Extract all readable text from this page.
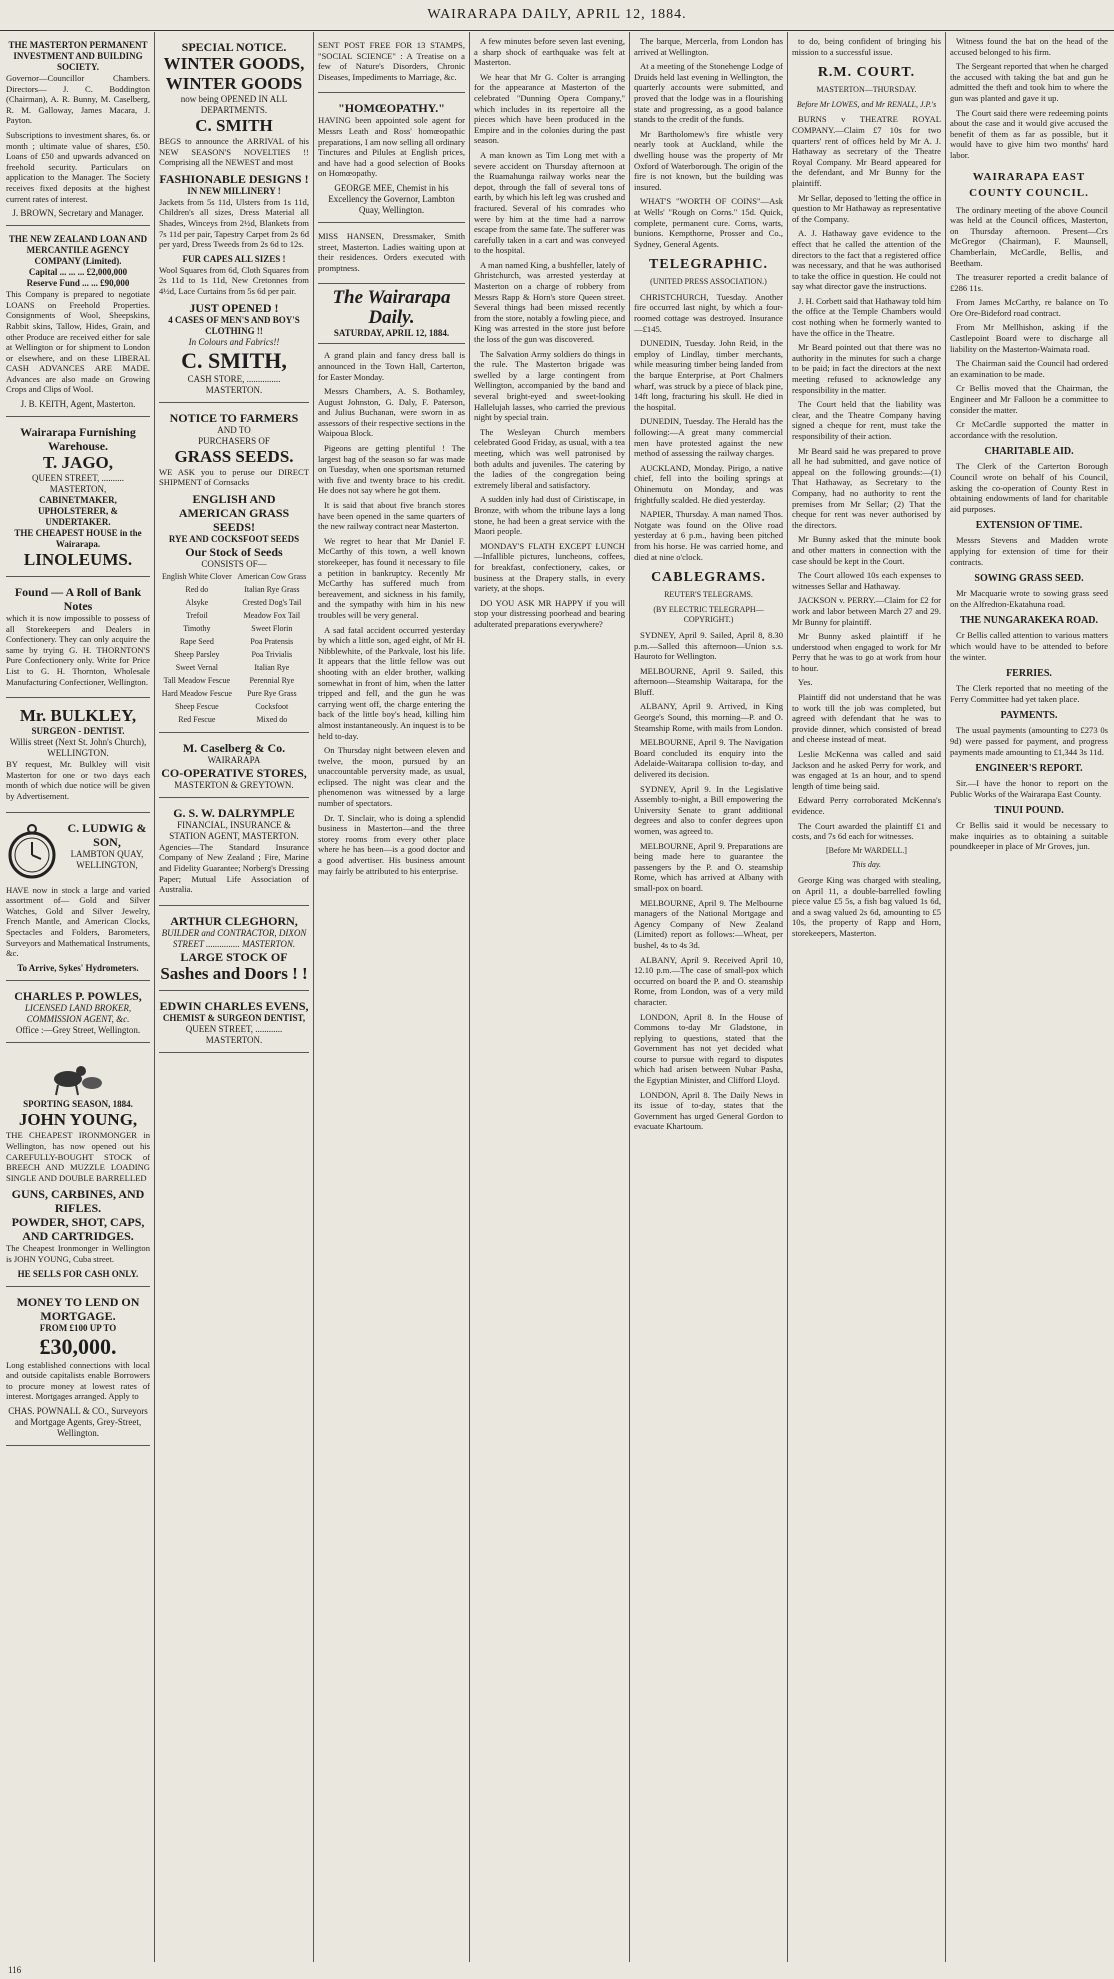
WAIRARAPA DAILY, APRIL 12, 1884.
THE MASTERTON PERMANENT INVESTMENT AND BUILDING SOCIETY.

Governor—Councillor Chambers. Directors— J. C. Boddington (Chairman), A. R. Bunny, M. Caselberg, R. M. Galloway, James Macara, J. Payton.

Subscriptions to investment shares, 6s. or month ; ultimate value of shares, £50. Loans of £50 and upwards advanced on freehold security. Particulars on application to the Manager. The Society receives fixed deposits at the highest current rates of interest.

J. BROWN, Secretary and Manager.
THE NEW ZEALAND LOAN AND MERCANTILE AGENCY COMPANY (Limited).
Capital ... ... ... £2,000,000
Reserve Fund ... ... £90,000

This Company is prepared to negotiate LOANS on Freehold Properties. Consignments of Wool, Sheepskins, Rabbit skins, Tallow, Hides, Grain, and other Produce are received either for sale at Wellington or for shipment to London or elsewhere, and on these LIBERAL CASH ADVANCES ARE MADE. Advances are also made on Growing Crops and Clips of Wool.

J. B. KEITH, Agent, Masterton.
Wairarapa Furnishing Warehouse.
T. JAGO,
QUEEN STREET, .......... MASTERTON,
CABINETMAKER, UPHOLSTERER, & UNDERTAKER.
THE CHEAPEST HOUSE in the Wairarapa.
LINOLEUMS.
Found — A Roll of Bank Notes

which it is now impossible to possess of all Storekeepers and Dealers in Confectionery. They can only acquire the same by trying G. H. THORNTON'S Pure Confectionery only. Write for Price List to G. H. Thornton, Wholesale Manufacturing Confectioner, Wellington.

Mr. BULKLEY,
SURGEON - DENTIST.
Willis street (Next St. John's Church), WELLINGTON.

BY request, Mr. Bulkley will visit Masterton for one or two days each month of which due notice will be given by Advertisement.

C. LUDWIG & SON,
LAMBTON QUAY, WELLINGTON,

HAVE now in stock a large and varied assortment of— Gold and Silver Watches, Gold and Silver Jewelry, French Mantle, and American Clocks, Spectacles and Folders, Barometers, Surveyors and Mathematical Instruments, &c.

To Arrive, Sykes' Hydrometers.
CHARLES P. POWLES,
LICENSED LAND BROKER, COMMISSION AGENT, &c.
Office :—Grey Street, Wellington.
SPORTING SEASON, 1884.
JOHN YOUNG,

THE CHEAPEST IRONMONGER in Wellington, has now opened out his CAREFULLY-BOUGHT STOCK of BREECH AND MUZZLE LOADING SINGLE AND DOUBLE BARRELLED

GUNS, CARBINES, AND RIFLES.
POWDER, SHOT, CAPS, AND CARTRIDGES.

The Cheapest Ironmonger in Wellington is JOHN YOUNG, Cuba street.

HE SELLS FOR CASH ONLY.
MONEY TO LEND ON MORTGAGE.
FROM £100 UP TO
£30,000.

Long established connections with local and outside capitalists enable Borrowers to procure money at lowest rates of interest. Mortgages arranged. Apply to

CHAS. POWNALL & CO., Surveyors and Mortgage Agents, Grey-Street, Wellington.
SPECIAL NOTICE.
WINTER GOODS, WINTER GOODS
now being OPENED IN ALL DEPARTMENTS.
C. SMITH

BEGS to announce the ARRIVAL of his NEW SEASON'S NOVELTIES !! Comprising all the NEWEST and most

FASHIONABLE DESIGNS !
IN NEW MILLINERY !

Jackets from 5s 11d, Ulsters from 1s 11d, Children's all sizes, Dress Material all Shades, Winceys from 2½d, Blankets from 7s 11d per pair, Tapestry Carpet from 2s 6d per yard, Dress Tweeds from 2s 6d to 12s.

FUR CAPES ALL SIZES !

Wool Squares from 6d, Cloth Squares from 2s 11d to 1s 11d, New Cretonnes from 4½d, Lace Curtains from 5s 6d per pair.

JUST OPENED !
4 CASES OF MEN'S AND BOY'S CLOTHING !!
In Colours and Fabrics!!
C. SMITH,
CASH STORE, ............... MASTERTON.
NOTICE TO FARMERS
AND TO
PURCHASERS OF
GRASS SEEDS.

WE ASK you to peruse our DIRECT SHIPMENT of Cornsacks

ENGLISH AND AMERICAN GRASS SEEDS!
RYE AND COCKSFOOT SEEDS
Our Stock of Seeds
CONSISTS OF—
English White Clover	American Cow Grass
Red do	Italian Rye Grass
Alsyke	Crested Dog's Tail
Trefoil	Meadow Fox Tail
Timothy	Sweet Florin
Rape Seed	Poa Pratensis
Sheep Parsley	Poa Trivialis
Sweet Vernal	Italian Rye
Tall Meadow Fescue	Perennial Rye
Hard Meadow Fescue	Pure Rye Grass
Sheep Fescue	Cocksfoot
Red Fescue	Mixed do
M. Caselberg & Co.
WAIRARAPA
CO-OPERATIVE STORES,
MASTERTON & GREYTOWN.
G. S. W. DALRYMPLE
FINANCIAL, INSURANCE & STATION AGENT, MASTERTON.

Agencies—The Standard Insurance Company of New Zealand ; Fire, Marine and Fidelity Guarantee; Norberg's Dressing Paper; Mutual Life Association of Australia.

ARTHUR CLEGHORN,
BUILDER and CONTRACTOR, DIXON STREET ............... MASTERTON.
LARGE STOCK OF
Sashes and Doors ! !
EDWIN CHARLES EVENS,
CHEMIST & SURGEON DENTIST,
QUEEN STREET, ............ MASTERTON.

SENT POST FREE FOR 13 STAMPS, "SOCIAL SCIENCE" : A Treatise on a few of Nature's Disorders, Chronic Diseases, Impediments to Marriage, &c.

"HOMŒOPATHY."

HAVING been appointed sole agent for Messrs Leath and Ross' homœopathic preparations, I am now selling all ordinary Tinctures and Pilules at English prices, and have had a good selection of Books on Homœopathy.

GEORGE MEE, Chemist in his Excellency the Governor, Lambton Quay, Wellington.

MISS HANSEN, Dressmaker, Smith street, Masterton. Ladies waiting upon at their residences. Orders executed with promptness.

The Wairarapa Daily.
SATURDAY, APRIL 12, 1884.

A grand plain and fancy dress ball is announced in the Town Hall, Carterton, for Easter Monday.

Messrs Chambers, A. S. Bothamley, August Johnston, G. Daly, F. Paterson, and Julius Buchanan, were sworn in as assessors of their respective sections in the Waipoua Block.

Pigeons are getting plentiful ! The largest bag of the season so far was made on Tuesday, when one sportsman returned with five and twenty brace to his credit. He does not say where he got them.

It is said that about five branch stores have been opened in the same quarters of the new railway contract near Masterton.

We regret to hear that Mr Daniel F. McCarthy of this town, a well known storekeeper, has found it necessary to file a petition in bankruptcy. Recently Mr McCarthy has suffered much from bereavement, and sickness in his family, and the sympathy with him in his new troubles will be very general.

A sad fatal accident occurred yesterday by which a little son, aged eight, of Mr H. Nibblewhite, of the Parkvale, lost his life. It appears that the little fellow was out shooting with an elder brother, walking somewhat in front of him, when the latter tripped and fell, and the gun he was carrying went off, the charge entering the back of the little boy's head, killing him almost instantaneously. An inquest is to be held to-day.

On Thursday night between eleven and twelve, the moon, pursued by an unaccountable perversity made, as usual, eclipsed. The night was clear and the phenomenon was witnessed by a large number of spectators.

Dr. T. Sinclair, who is doing a splendid business in Masterton—and the three storey rooms from every other place where he has been—is a good doctor and a good advertiser. His business amount may fairly be attributed to his enterprise.

A few minutes before seven last evening, a sharp shock of earthquake was felt at Masterton.

We hear that Mr G. Colter is arranging for the appearance at Masterton of the celebrated "Dunning Opera Company," which includes in its repertoire all the pieces which have been produced in the Empire and in the colonies during the past season.

A man known as Tim Long met with a severe accident on Thursday afternoon at the Ruamahunga railway works near the depot, through the fall of several tons of earth, by which his left leg was crushed and fractured. Several of his comrades who were by him at the time had a narrow escape from the same fate. The sufferer was carefully taken in a cart and was conveyed to the hospital.

A man named King, a bushfeller, lately of Ghristchurch, was arrested yesterday at Masterton on a charge of robbery from Messrs Rapp & Horn's store Queen street. Several things had been missed recently from the store, notably a fowling piece, and King was arrested in the store just before the loss of the gun was discovered.

The Salvation Army soldiers do things in the rule. The Masterton brigade was swelled by a large contingent from Wellington, accompanied by the band and several bright-eyed and sweet-looking Hallelujah lasses, who carried the previous night by special train.

The Wesleyan Church members celebrated Good Friday, as usual, with a tea meeting, which was well patronised by both adults and juveniles. The catering by the ladies of the congregation being extremely liberal and satisfactory.

A sudden inly had dust of Ciristiscape, in Bronze, with whom the tribune lays a long stone, he had been a great service with the Maori people.

MONDAY'S FLATH EXCEPT LUNCH—Infallible pictures, luncheons, coffees, for breakfast, confectionery, cakes, or business at the Drapery stalls, in every variety, at the shops.

DO YOU ASK MR HAPPY if you will stop your distressing poorhead and bearing adulterated preparations everywhere?

The barque, Mercerla, from London has arrived at Wellington.

At a meeting of the Stonehenge Lodge of Druids held last evening in Wellington, the quarterly accounts were submitted, and proved that the lodge was in a flourishing state and progressing, as a good balance stands to the credit of the funds.

Mr Bartholomew's fire whistle very nearly took at Auckland, while the dwelling house was the property of Mr Oxford of Waterborough. The origin of the fire is not known, but the building was insured.

WHAT'S "WORTH OF COINS"—Ask at Wells' "Rough on Corns." 15d. Quick, complete, permanent cure. Corns, warts, bunions. Kempthorne, Prosser and Co., Sydney, General Agents.

TELEGRAPHIC.
(UNITED PRESS ASSOCIATION.)

CHRISTCHURCH, Tuesday. Another fire occurred last night, by which a four-roomed cottage was destroyed. Insurance—£145.

DUNEDIN, Tuesday. John Reid, in the employ of Lindlay, timber merchants, while measuring timber being landed from the barque Enterprise, at Port Chalmers wharf, was struck by a piece of black pine, 14ft long, fracturing his skull. He died in the hospital.

DUNEDIN, Tuesday. The Herald has the following:—A great many commercial men have protested against the new method of assessing the railway charges.

AUCKLAND, Monday. Pirigo, a native chief, fell into the boiling springs at Ohinemutu on Monday, and was frightfully scalded. He died yesterday.

NAPIER, Thursday. A man named Thos. Notgate was found on the Olive road yesterday at 6 p.m., having been pitched from his horse. He was carried home, and died at nine o'clock.

CABLEGRAMS.
REUTER'S TELEGRAMS.
(BY ELECTRIC TELEGRAPH—COPYRIGHT.)

SYDNEY, April 9. Sailed, April 8, 8.30 p.m.—Salled this afternoon—Union s.s. Hauroto for Wellington.

MELBOURNE, April 9. Sailed, this afternoon—Steamship Waitarapa, for the Bluff.

ALBANY, April 9. Arrived, in King George's Sound, this morning—P. and O. Steamship Rome, with mails from London.

MELBOURNE, April 9. The Navigation Board concluded its enquiry into the Adelaide-Waitarapa collision to-day, and delivered its decision.

SYDNEY, April 9. In the Legislative Assembly to-night, a Bill empowering the University Senate to grant additional degrees and also to confer degrees upon women, was agreed to.

MELBOURNE, April 9. Preparations are being made here to guarantee the passengers by the P. and O. steamship Rome, which has arrived at Albany with small-pox on board.

MELBOURNE, April 9. The Melbourne managers of the National Mortgage and Agency Company of New Zealand (Limited) report as follows:—Wheat, per bushel, 4s to 4s 3d.

ALBANY, April 9. Received April 10, 12.10 p.m.—The case of small-pox which occurred on board the P. and O. steamship Rome, from London, was of a very mild character.

LONDON, April 8. In the House of Commons to-day Mr Gladstone, in replying to questions, stated that the Government has not yet decided what course to pursue with regard to disputes which had arisen between Nubar Pasha, the Egyptian Minister, and Clifford Lloyd.

LONDON, April 8. The Daily News in its issue of to-day, states that the Government has urged General Gordon to evacuate Khartoum.

to do, being confident of bringing his mission to a successful issue.

R.M. COURT.
MASTERTON—THURSDAY.
Before Mr LOWES, and Mr RENALL, J.P.'s

BURNS v THEATRE ROYAL COMPANY.—Claim £7 10s for two quarters' rent of offices held by Mr A. J. Hathaway as secretary of the Theatre Royal Company. Mr Beard appeared for the defendant, and Mr Bunny for the plaintiff.

Mr Sellar, deposed to 'letting the office in question to Mr Hathaway as representative of the Company.

A. J. Hathaway gave evidence to the effect that he called the attention of the directors to the fact that a registered office was necessary, and that he was authorised to take the office in question. He could not say what director gave the instructions.

J. H. Corbett said that Hathaway told him the office at the Temple Chambers would cost nothing when he formerly wanted to have the office in the Theatre.

Mr Beard pointed out that there was no authority in the minutes for such a charge to be paid; in fact the directors at the next meeting refused to acknowledge any responsibility in the matter.

The Court held that the liability was clear, and the Theatre Company having signed a cheque for rent, must take the responsibility of their action.

Mr Beard said he was prepared to prove all he had submitted, and gave notice of appeal on the following grounds:—(1) That Hathaway, as Secretary to the Company, had no authority to rent the premises from Mr Sellar; (2) That the cheque for rent was never authorised by the directors.

Mr Bunny asked that the minute book and other matters in connection with the case should be kept in the Court.

The Court allowed 10s each expenses to witnesses Sellar and Hathaway.

JACKSON v. PERRY.—Claim for £2 for work and labor between March 27 and 29. Mr Bunny for plaintiff.

Mr Bunny asked plaintiff if he understood when engaged to work for Mr Perry that he was to go at work from hour to hour.

Yes.

Plaintiff did not understand that he was to work till the job was completed, but agreed with defendant that he was to provide dinner, which consisted of bread and cheese instead of meat.

Leslie McKenna was called and said Jackson and he asked Perry for work, and was engaged at 1s an hour, and to spend length of time being said.

Edward Perry corroborated McKenna's evidence.

The Court awarded the plaintiff £1 and costs, and 7s 6d each for witnesses.

[Before Mr WARDELL.]
This day.

George King was charged with stealing, on April 11, a double-barrelled fowling piece value £5 5s, a fish bag valued 1s 6d, and a swag valued 2s 6d, amounting to £5 10s, the property of Rapp and Horn, storekeepers, Masterton.

Witness found the bat on the head of the accused belonged to his firm.

The Sergeant reported that when he charged the accused with taking the bat and gun he admitted the theft and took him to where the gun was planted and gave it up.

The Court said there were redeeming points about the case and it would give accused the benefit of them as far as possible, but it would have to give him two months' hard labor.

WAIRARAPA EAST COUNTY COUNCIL.

The ordinary meeting of the above Council was held at the Council offices, Masterton, on Thursday afternoon. Present—Crs McGregor (Chairman), F. Maunsell, Chamberlain, McCardle, Bellis, and Beetham.

The treasurer reported a credit balance of £286 11s.

From James McCarthy, re balance on To Ore Ore-Bideford road contract.

From Mr Mellhishon, asking if the Castlepoint Board were to discharge all liability on the Masterton-Waimata road.

The Chairman said the Council had ordered an examination to be made.

Cr Bellis moved that the Chairman, the Engineer and Mr Falloon be a committee to consider the matter.

Cr McCardle supported the matter in accordance with the resolution.

CHARITABLE AID.

The Clerk of the Carterton Borough Council wrote on behalf of his Council, asking the co-operation of County Rest in obtaining endowments of land for charitable aid purposes.

EXTENSION OF TIME.

Messrs Stevens and Madden wrote applying for extension of time for their contracts.

SOWING GRASS SEED.

Mr Macquarie wrote to sowing grass seed on the Alfredton-Ekatahuna road.

THE NUNGARAKEKA ROAD.

Cr Bellis called attention to various matters which would have to be attended to before the winter.

FERRIES.

The Clerk reported that no meeting of the Ferry Committee had yet taken place.

PAYMENTS.

The usual payments (amounting to £273 0s 9d) were passed for payment, and progress payments made amounting to £1,344 3s 11d.

ENGINEER'S REPORT.

Sir.—I have the honor to report on the Public Works of the Wairarapa East County.

TINUI POUND.

Cr Bellis said it would be necessary to make inquiries as to obtaining a suitable poundkeeper in place of Mr Groves, jun.

116
